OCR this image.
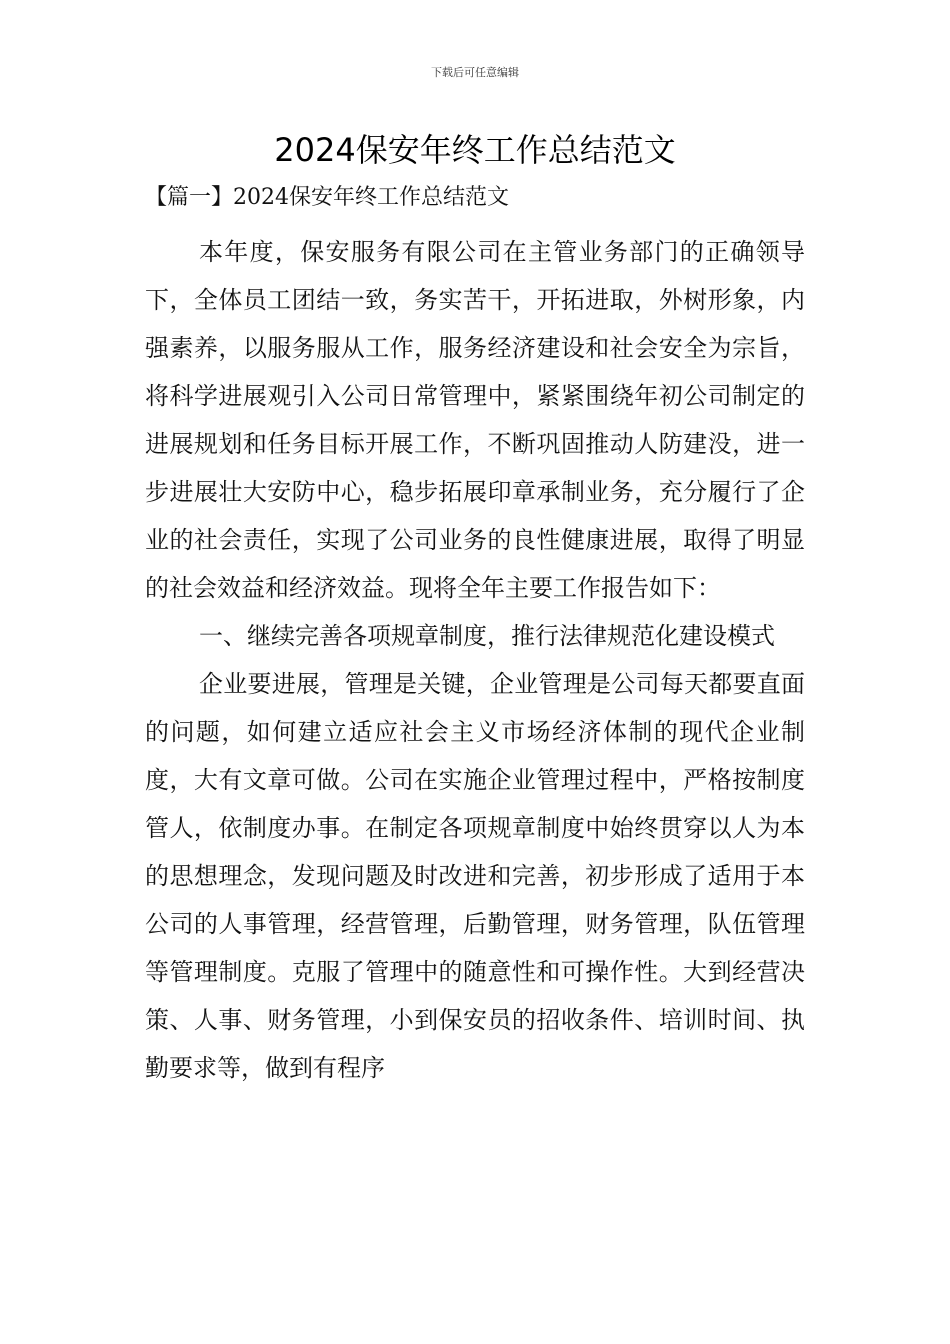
下载后可任意编辑
2024保安年终工作总结范文
【篇一】2024保安年终工作总结范文

本年度，保安服务有限公司在主管业务部门的正确领导下，全体员工团结一致，务实苦干，开拓进取，外树形象，内强素养，以服务服从工作，服务经济建设和社会安全为宗旨，将科学进展观引入公司日常管理中，紧紧围绕年初公司制定的进展规划和任务目标开展工作，不断巩固推动人防建没，进一步进展壮大安防中心，稳步拓展印章承制业务，充分履行了企业的社会责任，实现了公司业务的良性健康进展，取得了明显的社会效益和经济效益。现将全年主要工作报告如下：

一、继续完善各项规章制度，推行法律规范化建设模式

企业要进展，管理是关键，企业管理是公司每天都要直面的问题，如何建立适应社会主义市场经济体制的现代企业制度，大有文章可做。公司在实施企业管理过程中，严格按制度管人，依制度办事。在制定各项规章制度中始终贯穿以人为本的思想理念，发现问题及时改进和完善，初步形成了适用于本公司的人事管理，经营管理，后勤管理，财务管理，队伍管理等管理制度。克服了管理中的随意性和可操作性。大到经营决策、人事、财务管理，小到保安员的招收条件、培训时间、执勤要求等，做到有程序
